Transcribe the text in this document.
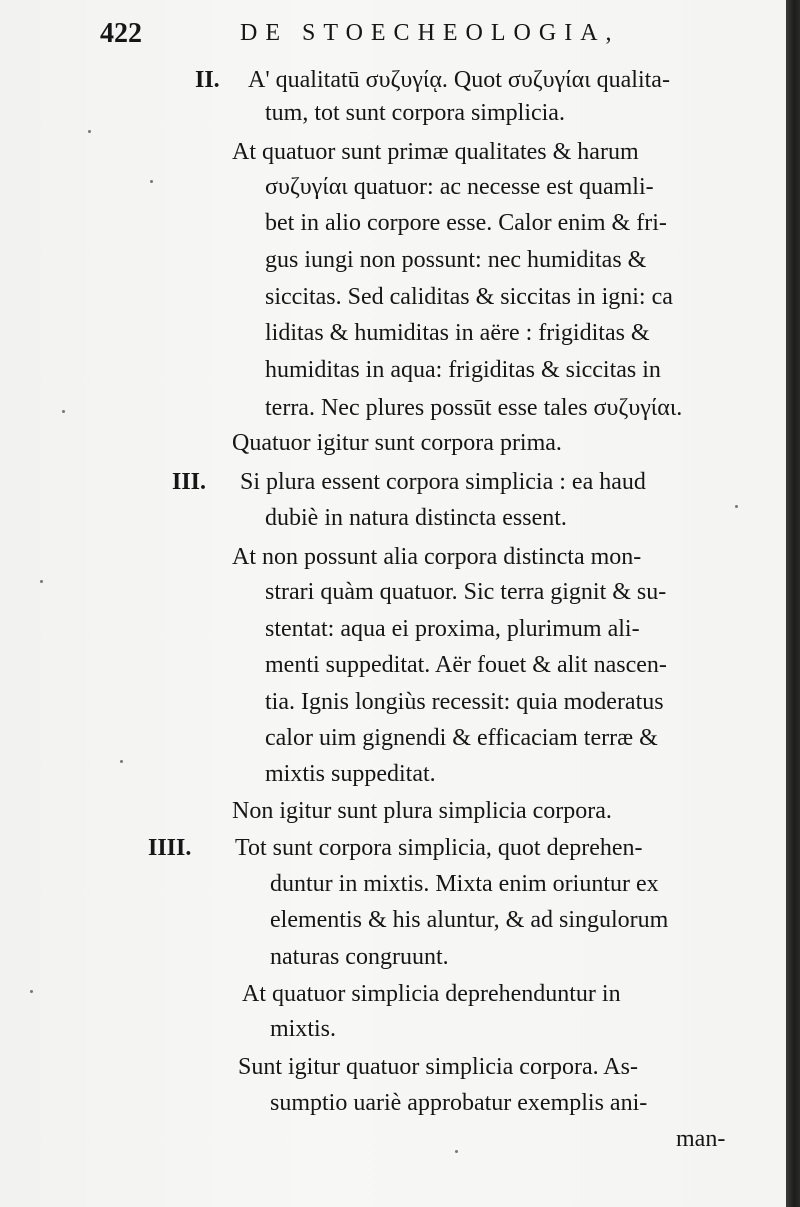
422	DE STOECHEOLOGIA,
II. A' qualitatū συζυγίᾳ. Quot συζυγίαι qualita-
tum, tot sunt corpora simplicia.
At quatuor sunt primæ qualitates & harum
συζυγίαι quatuor: ac necesse est quamli-
bet in alio corpore esse. Calor enim & fri-
gus iungi non possunt: nec humiditas &
siccitas. Sed caliditas & siccitas in igni: ca
liditas & humiditas in aëre : frigiditas &
humiditas in aqua: frigiditas & siccitas in
terra. Nec plures possūt esse tales συζυγίαι.
Quatuor igitur sunt corpora prima.
III. Si plura essent corpora simplicia : ea haud
dubiè in natura distincta essent.
At non possunt alia corpora distincta mon-
strari quàm quatuor. Sic terra gignit & su-
stentat: aqua ei proxima, plurimum ali-
menti suppeditat. Aër fouet & alit nascen-
tia. Ignis longiùs recessit: quia moderatus
calor uim gignendi & efficaciam terræ &
mixtis suppeditat.
Non igitur sunt plura simplicia corpora.
IIII. Tot sunt corpora simplicia, quot deprehen-
duntur in mixtis. Mixta enim oriuntur ex
elementis & his aluntur, & ad singulorum
naturas congruunt.
At quatuor simplicia deprehenduntur in
mixtis.
Sunt igitur quatuor simplicia corpora. As-
sumptio uariè approbatur exemplis ani-
man-
